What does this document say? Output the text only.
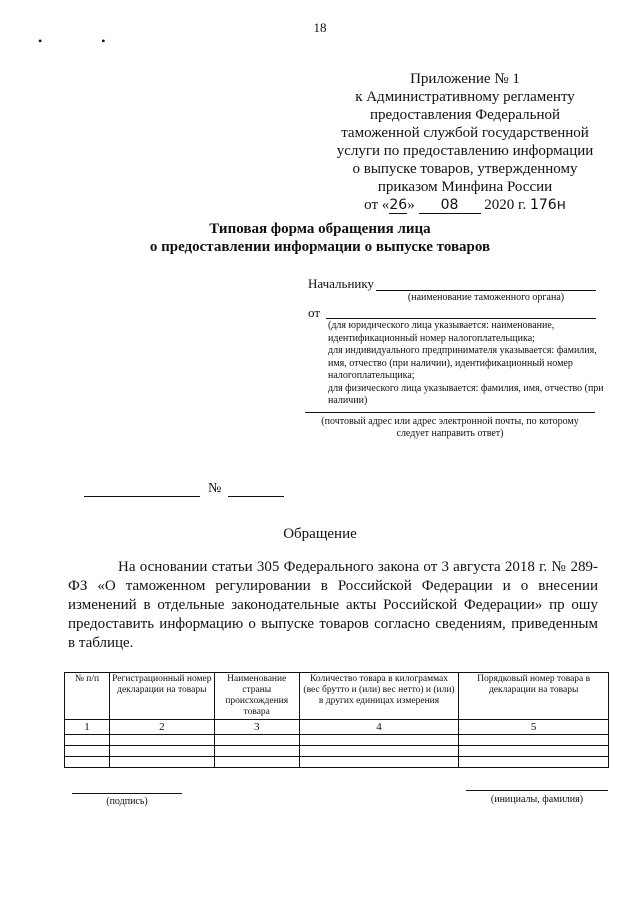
18
• •
Приложение № 1
к Административному регламенту
предоставления Федеральной
таможенной службой государственной
услуги по предоставлению информации
о выпуске товаров, утвержденному
приказом Минфина России
от «26» 08 2020 г. 176н
Типовая форма обращения лица
о предоставлении информации о выпуске товаров
Начальнику
(наименование таможенного органа)
от
(для юридического лица указывается: наименование,
идентификационный номер налогоплательщика;
для индивидуального предпринимателя указывается: фамилия,
имя, отчество (при наличии), идентификационный номер
налогоплательщика;
для физического лица указывается: фамилия, имя, отчество (при
наличии)
(почтовый адрес или адрес электронной почты, по которому
следует направить ответ)
№
Обращение
На основании статьи 305 Федерального закона от 3 августа 2018 г. № 289-ФЗ «О таможенном регулировании в Российской Федерации и о внесении изменений в отдельные законодательные акты Российской Федерации» пр ошу предоставить информацию о выпуске товаров согласно сведениям, приведенным в таблице.
№ п/п	Регистрационный номер декларации на товары	Наименование страны происхождения товара	Количество товара в килограммах (вес брутто и (или) вес нетто) и (или) в других единицах измерения	Порядковый номер товара в декларации на товары
1	2	3	4	5

(подпись)	(инициалы, фамилия)
